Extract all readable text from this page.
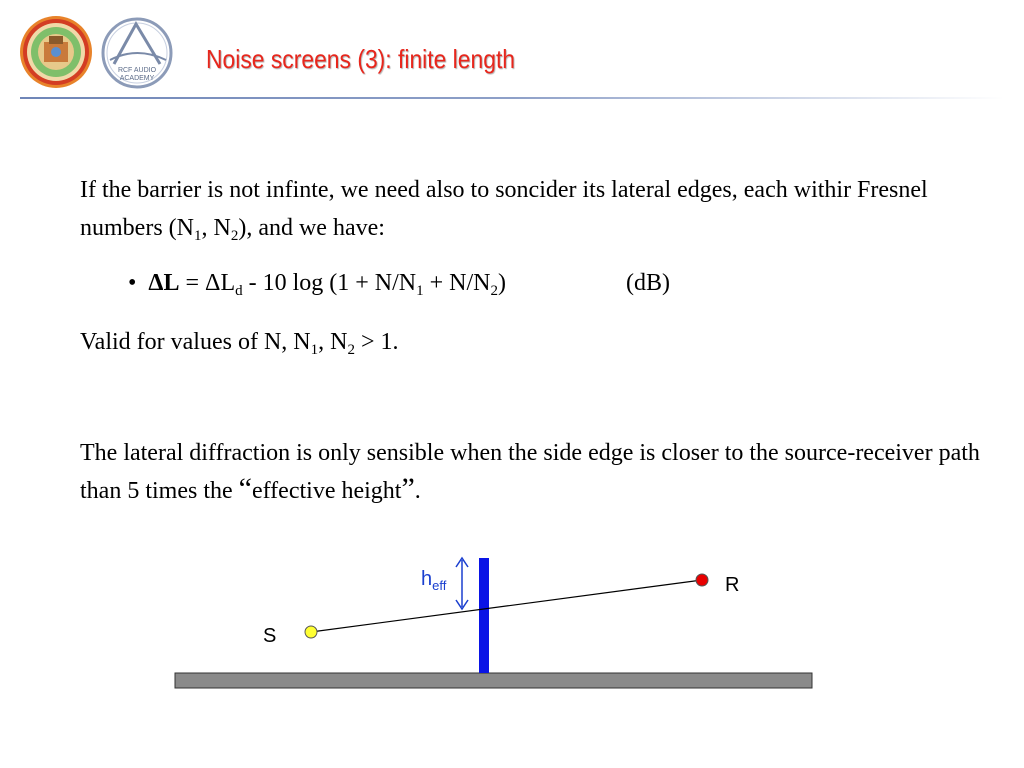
RCF AUDIO
ACADEMY
Noise screens (3): finite length
If the barrier is not infinte, we need also to soncider its lateral edges, each withir Fresnel numbers ($N_1$, $N_2$), and we have:
• $\Delta L = \Delta L_d - 10$ $\log (1 + N/N_1 + N/N_2)$	(dB)
Valid for values of N, $N_1$, $N_2 > 1$.
The lateral diffraction is only sensible when the side edge is closer to the source-receiver path than 5 times the “effective height”.
$h_{eff}$
S
R
